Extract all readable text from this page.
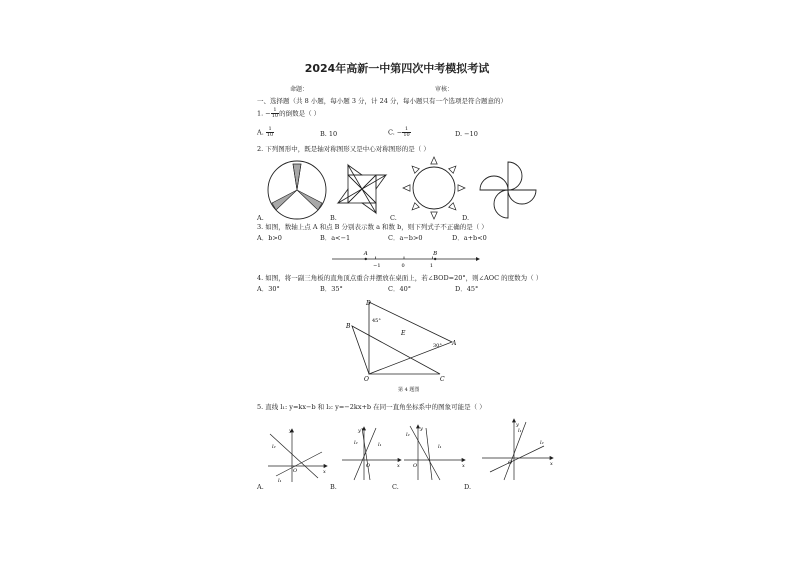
2024年高新一中第四次中考模拟考试
命题：	审核：
一、选择题（共 8 小题，每小题 3 分，计 24 分，每小题只有一个选项是符合题意的）
1. − $\frac{1}{10}$ 的倒数是（ ）
A. $\frac{1}{10}$	B. 10	C. − $\frac{1}{10}$	D. −10
2. 下列图形中，既是轴对称图形又是中心对称图形的是（ ）
A.	B.	C.	D.
3. 如图，数轴上点 A 和点 B 分别表示数 a 和数 b，则下列式子不正确的是（ ）
A．b>0	B．a<−1	C．a−b>0	D．a+b<0
−1	0	1
A	B
4. 如图，将一副三角板的直角顶点重合并摆放在桌面上，若∠BOD=20°，则∠AOC 的度数为（ ）
A．30°	B．35°	C．40°	D．45°
D
B
E
A
O	C
45°
30°
第 4 题图
5. 直线 l₁: y=kx−b 和 l₂: y=−2kx+b 在同一直角坐标系中的图象可能是（ ）
y
x
O
l₂
l₁
y
x
O
l₂	l₁
y
x
O
l₂
l₁
y
x
O
l₂
l₁
A.	B.	C.	D.
